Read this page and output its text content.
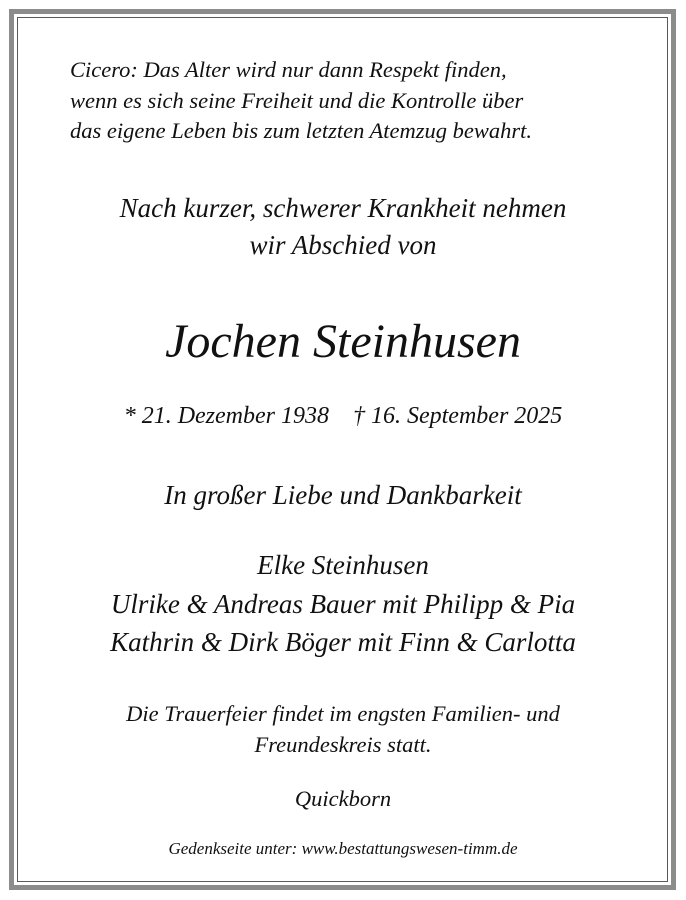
Cicero: Das Alter wird nur dann Respekt finden,
wenn es sich seine Freiheit und die Kontrolle über
das eigene Leben bis zum letzten Atemzug bewahrt.
Nach kurzer, schwerer Krankheit nehmen
wir Abschied von
Jochen Steinhusen
* 21. Dezember 1938    † 16. September 2025
In großer Liebe und Dankbarkeit
Elke Steinhusen
Ulrike & Andreas Bauer mit Philipp & Pia
Kathrin & Dirk Böger mit Finn & Carlotta
Die Trauerfeier findet im engsten Familien- und
Freundeskreis statt.
Quickborn
Gedenkseite unter: www.bestattungswesen-timm.de
